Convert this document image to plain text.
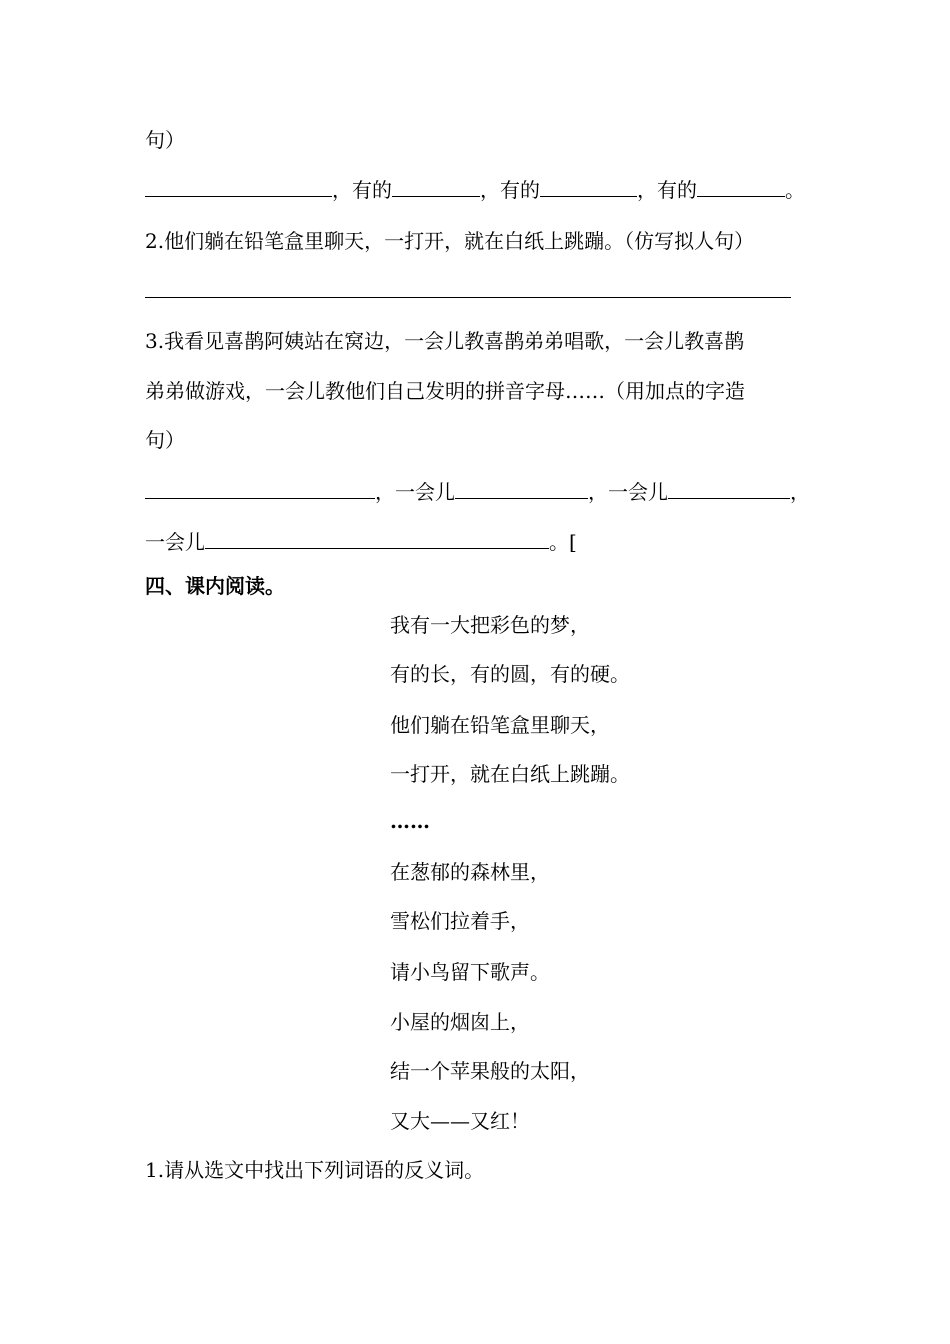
句）
，有的	，有的	，有的	。
2.他们躺在铅笔盒里聊天，一打开，就在白纸上跳蹦。（仿写拟人句）
3.我看见喜鹊阿姨站在窝边，一会儿教喜鹊弟弟唱歌，一会儿教喜鹊
弟弟做游戏，一会儿教他们自己发明的拼音字母……（用加点的字造
句）
，一会儿	，一会儿	，
一会儿	。[
四、课内阅读。
我有一大把彩色的梦，
有的长，有的圆，有的硬。
他们躺在铅笔盒里聊天，
一打开，就在白纸上跳蹦。
……
在葱郁的森林里，
雪松们拉着手，
请小鸟留下歌声。
小屋的烟囱上，
结一个苹果般的太阳，
又大——又红！
1.请从选文中找出下列词语的反义词。
